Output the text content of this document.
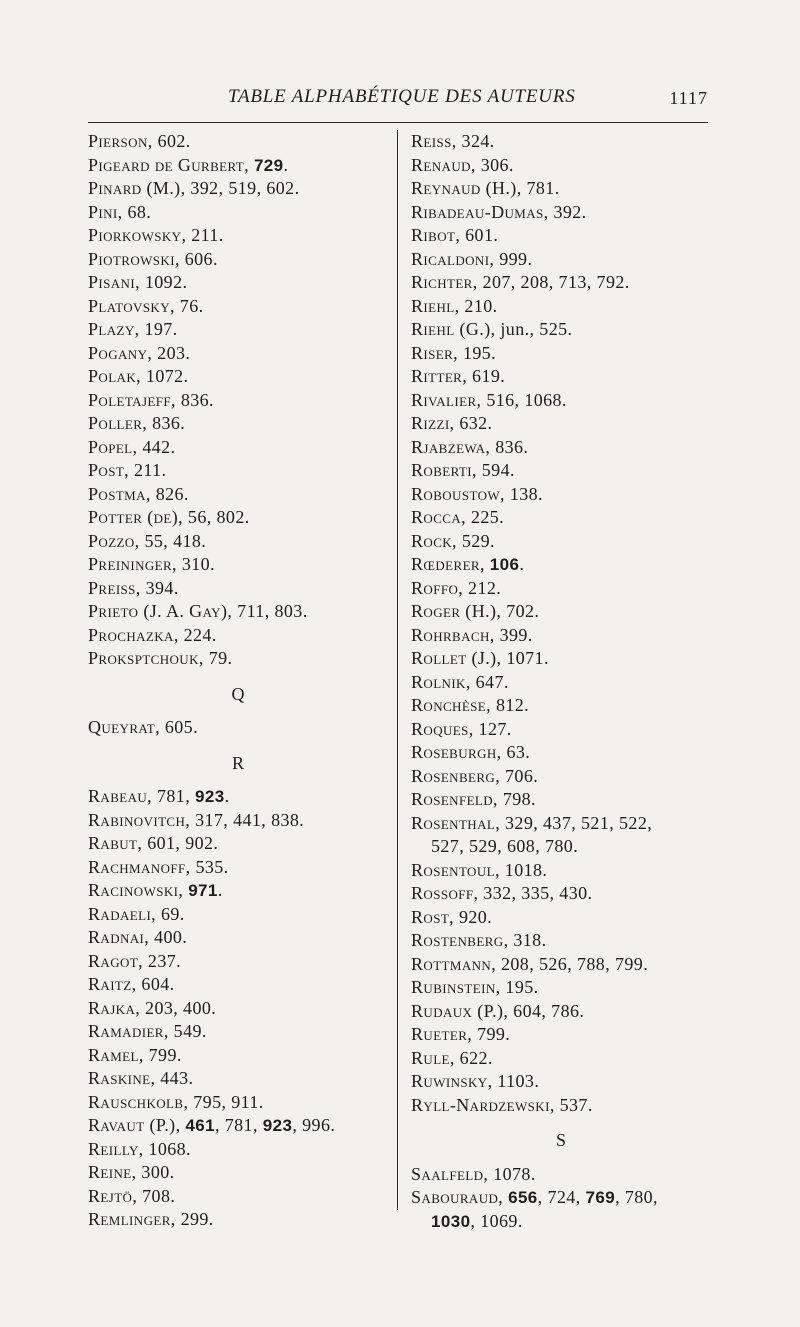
TABLE ALPHABÉTIQUE DES AUTEURS	1117
Pierson, 602.
Pigeard de Gurbert, 729.
Pinard (M.), 392, 519, 602.
Pini, 68.
Piorkowsky, 211.
Piotrowski, 606.
Pisani, 1092.
Platovsky, 76.
Plazy, 197.
Pogany, 203.
Polak, 1072.
Poletajeff, 836.
Poller, 836.
Popel, 442.
Post, 211.
Postma, 826.
Potter (de), 56, 802.
Pozzo, 55, 418.
Preininger, 310.
Preiss, 394.
Prieto (J. A. Gay), 711, 803.
Prochazka, 224.
Proksptchouk, 79.
Q
Queyrat, 605.
R
Rabeau, 781, 923.
Rabinovitch, 317, 441, 838.
Rabut, 601, 902.
Rachmanoff, 535.
Racinowski, 971.
Radaeli, 69.
Radnai, 400.
Ragot, 237.
Raitz, 604.
Rajka, 203, 400.
Ramadier, 549.
Ramel, 799.
Raskine, 443.
Rauschkolb, 795, 911.
Ravaut (P.), 461, 781, 923, 996.
Reilly, 1068.
Reine, 300.
Rejtö, 708.
Remlinger, 299.
Reiss, 324.
Renaud, 306.
Reynaud (H.), 781.
Ribadeau-Dumas, 392.
Ribot, 601.
Ricaldoni, 999.
Richter, 207, 208, 713, 792.
Riehl, 210.
Riehl (G.), jun., 525.
Riser, 195.
Ritter, 619.
Rivalier, 516, 1068.
Rizzi, 632.
Rjabzewa, 836.
Roberti, 594.
Roboustow, 138.
Rocca, 225.
Rock, 529.
Rœderer, 106.
Roffo, 212.
Roger (H.), 702.
Rohrbach, 399.
Rollet (J.), 1071.
Rolnik, 647.
Ronchèse, 812.
Roques, 127.
Roseburgh, 63.
Rosenberg, 706.
Rosenfeld, 798.
Rosenthal, 329, 437, 521, 522,
527, 529, 608, 780.
Rosentoul, 1018.
Rossoff, 332, 335, 430.
Rost, 920.
Rostenberg, 318.
Rottmann, 208, 526, 788, 799.
Rubinstein, 195.
Rudaux (P.), 604, 786.
Rueter, 799.
Rule, 622.
Ruwinsky, 1103.
Ryll-Nardzewski, 537.
S
Saalfeld, 1078.
Sabouraud, 656, 724, 769, 780,
1030, 1069.
